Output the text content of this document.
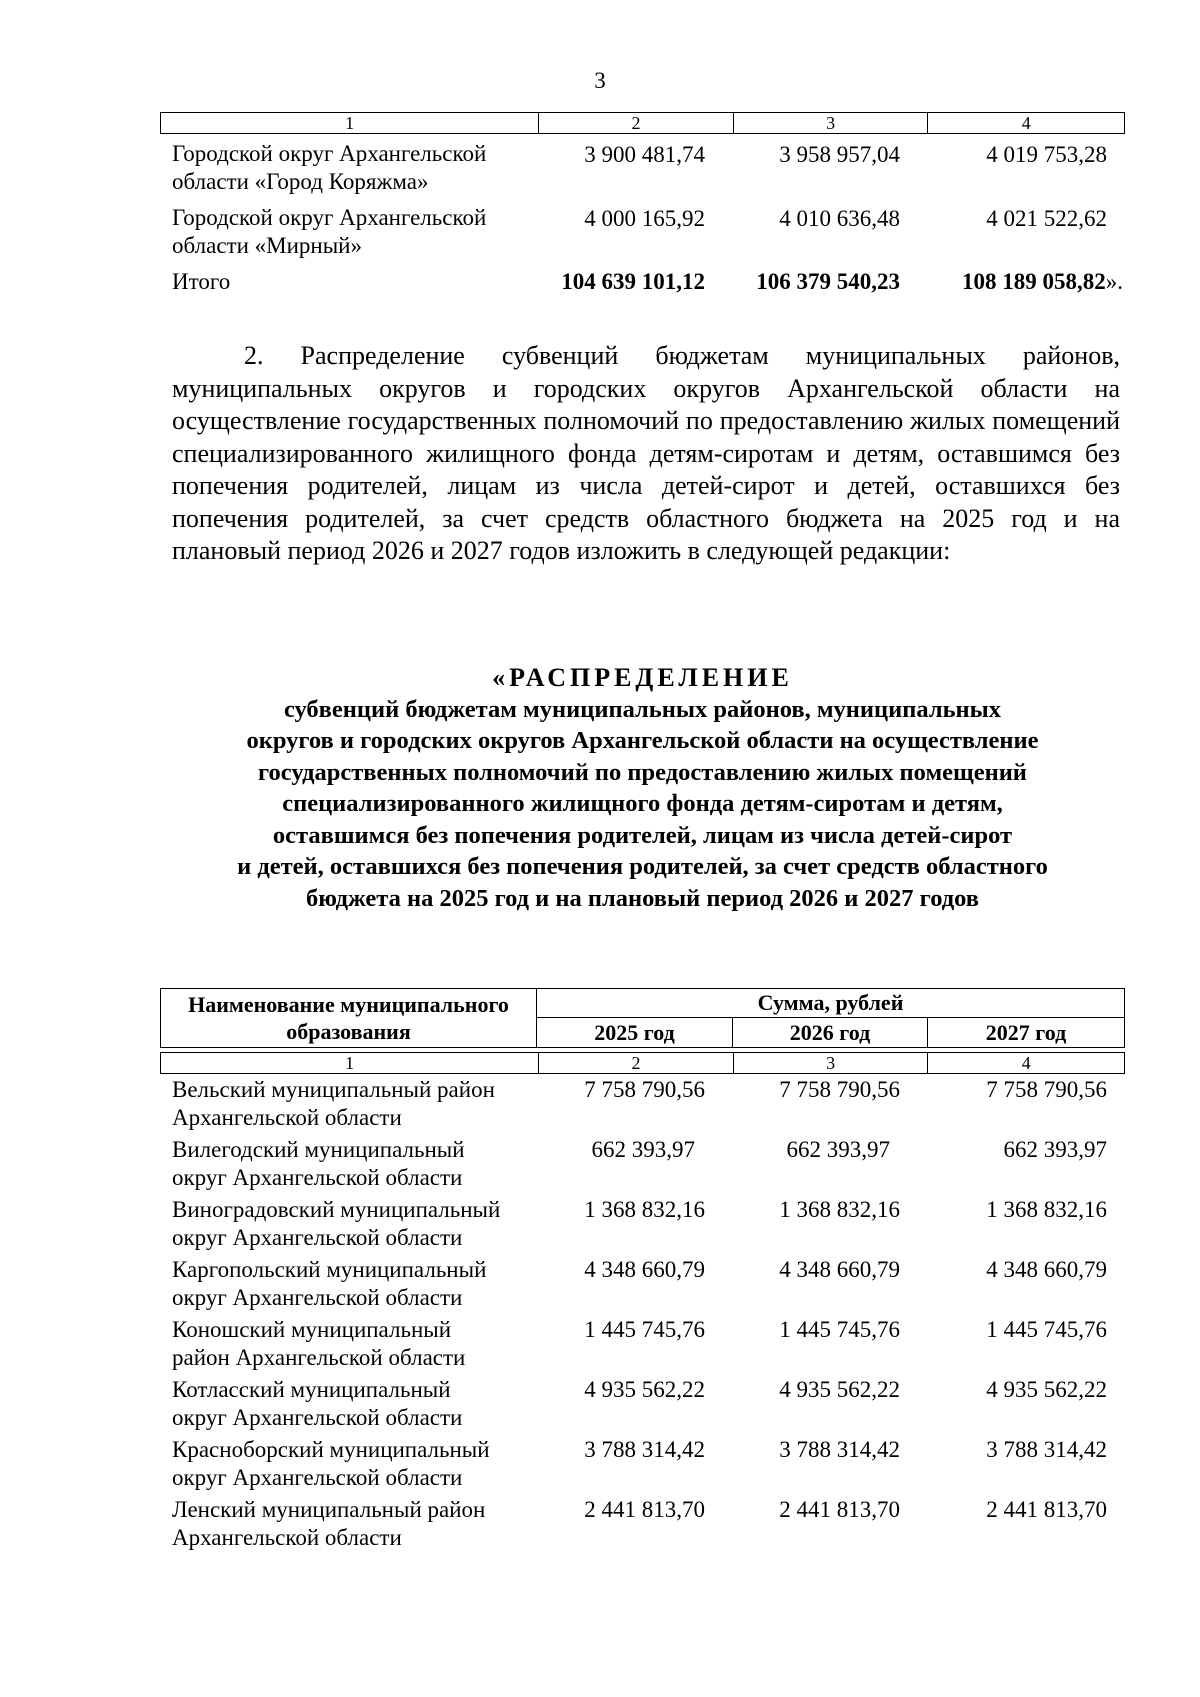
3
1	2	3	4
Городской округ Архангельской
области «Город Коряжма»
3 900 481,74	3 958 957,04	4 019 753,28
Городской округ Архангельской
области «Мирный»
4 000 165,92	4 010 636,48	4 021 522,62
Итого	104 639 101,12	106 379 540,23	108 189 058,82».
2. Распределение субвенций бюджетам муниципальных районов, муниципальных округов и городских округов Архангельской области на осуществление государственных полномочий по предоставлению жилых помещений специализированного жилищного фонда детям-сиротам и детям, оставшимся без попечения родителей, лицам из числа детей-сирот и детей, оставшихся без попечения родителей, за счет средств областного бюджета на 2025 год и на плановый период 2026 и 2027 годов изложить в следующей редакции:
«РАСПРЕДЕЛЕНИЕ
субвенций бюджетам муниципальных районов, муниципальных
округов и городских округов Архангельской области на осуществление
государственных полномочий по предоставлению жилых помещений
специализированного жилищного фонда детям-сиротам и детям,
оставшимся без попечения родителей, лицам из числа детей-сирот
и детей, оставшихся без попечения родителей, за счет средств областного
бюджета на 2025 год и на плановый период 2026 и 2027 годов
Наименование муниципального
образования
Сумма, рублей
2025 год	2026 год	2027 год
1	2	3	4
Вельский муниципальный район
Архангельской области
7 758 790,56	7 758 790,56	7 758 790,56
Вилегодский муниципальный
округ Архангельской области
662 393,97	662 393,97	662 393,97
Виноградовский муниципальный
округ Архангельской области
1 368 832,16	1 368 832,16	1 368 832,16
Каргопольский муниципальный
округ Архангельской области
4 348 660,79	4 348 660,79	4 348 660,79
Коношский муниципальный
район Архангельской области
1 445 745,76	1 445 745,76	1 445 745,76
Котласский муниципальный
округ Архангельской области
4 935 562,22	4 935 562,22	4 935 562,22
Красноборский муниципальный
округ Архангельской области
3 788 314,42	3 788 314,42	3 788 314,42
Ленский муниципальный район
Архангельской области
2 441 813,70	2 441 813,70	2 441 813,70
